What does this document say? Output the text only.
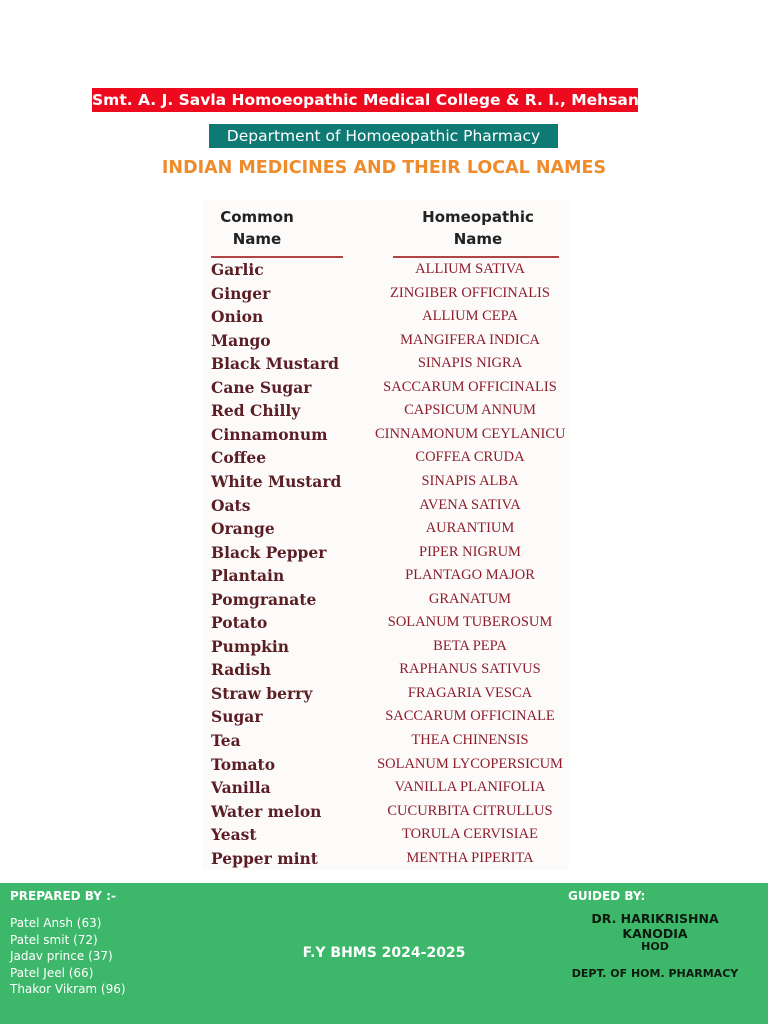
Smt. A. J. Savla Homoeopathic Medical College & R. I., Mehsana
Department of Homoeopathic Pharmacy
INDIAN MEDICINES AND THEIR LOCAL NAMES
Common
Name
Homeopathic
Name
Garlic	ALLIUM SATIVA
Ginger	ZINGIBER OFFICINALIS
Onion	ALLIUM CEPA
Mango	MANGIFERA INDICA
Black Mustard	SINAPIS NIGRA
Cane Sugar	SACCARUM OFFICINALIS
Red Chilly	CAPSICUM ANNUM
Cinnamonum	CINNAMONUM CEYLANICU
Coffee	COFFEA CRUDA
White Mustard	SINAPIS ALBA
Oats	AVENA SATIVA
Orange	AURANTIUM
Black Pepper	PIPER NIGRUM
Plantain	PLANTAGO MAJOR
Pomgranate	GRANATUM
Potato	SOLANUM TUBEROSUM
Pumpkin	BETA PEPA
Radish	RAPHANUS SATIVUS
Straw berry	FRAGARIA VESCA
Sugar	SACCARUM OFFICINALE
Tea	THEA CHINENSIS
Tomato	SOLANUM LYCOPERSICUM
Vanilla	VANILLA PLANIFOLIA
Water melon	CUCURBITA CITRULLUS
Yeast	TORULA CERVISIAE
Pepper mint	MENTHA PIPERITA
PREPARED BY :-
Patel Ansh (63)
Patel smit (72)
Jadav prince (37)
Patel Jeel (66)
Thakor Vikram (96)
F.Y BHMS 2024-2025
GUIDED BY:
DR. HARIKRISHNA KANODIA
HOD
DEPT. OF HOM. PHARMACY
